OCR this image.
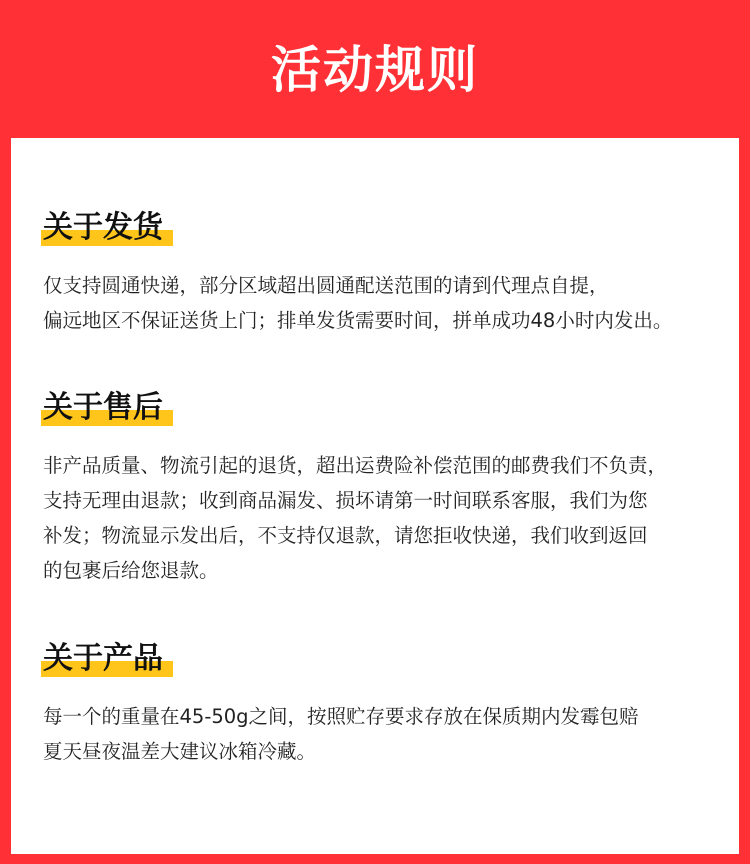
活动规则
关于发货
仅支持圆通快递，部分区域超出圆通配送范围的请到代理点自提，
偏远地区不保证送货上门；排单发货需要时间，拼单成功48小时内发出。
关于售后
非产品质量、物流引起的退货，超出运费险补偿范围的邮费我们不负责，
支持无理由退款；收到商品漏发、损坏请第一时间联系客服，我们为您
补发；物流显示发出后，不支持仅退款，请您拒收快递，我们收到返回
的包裹后给您退款。
关于产品
每一个的重量在45-50g之间，按照贮存要求存放在保质期内发霉包赔
夏天昼夜温差大建议冰箱冷藏。
